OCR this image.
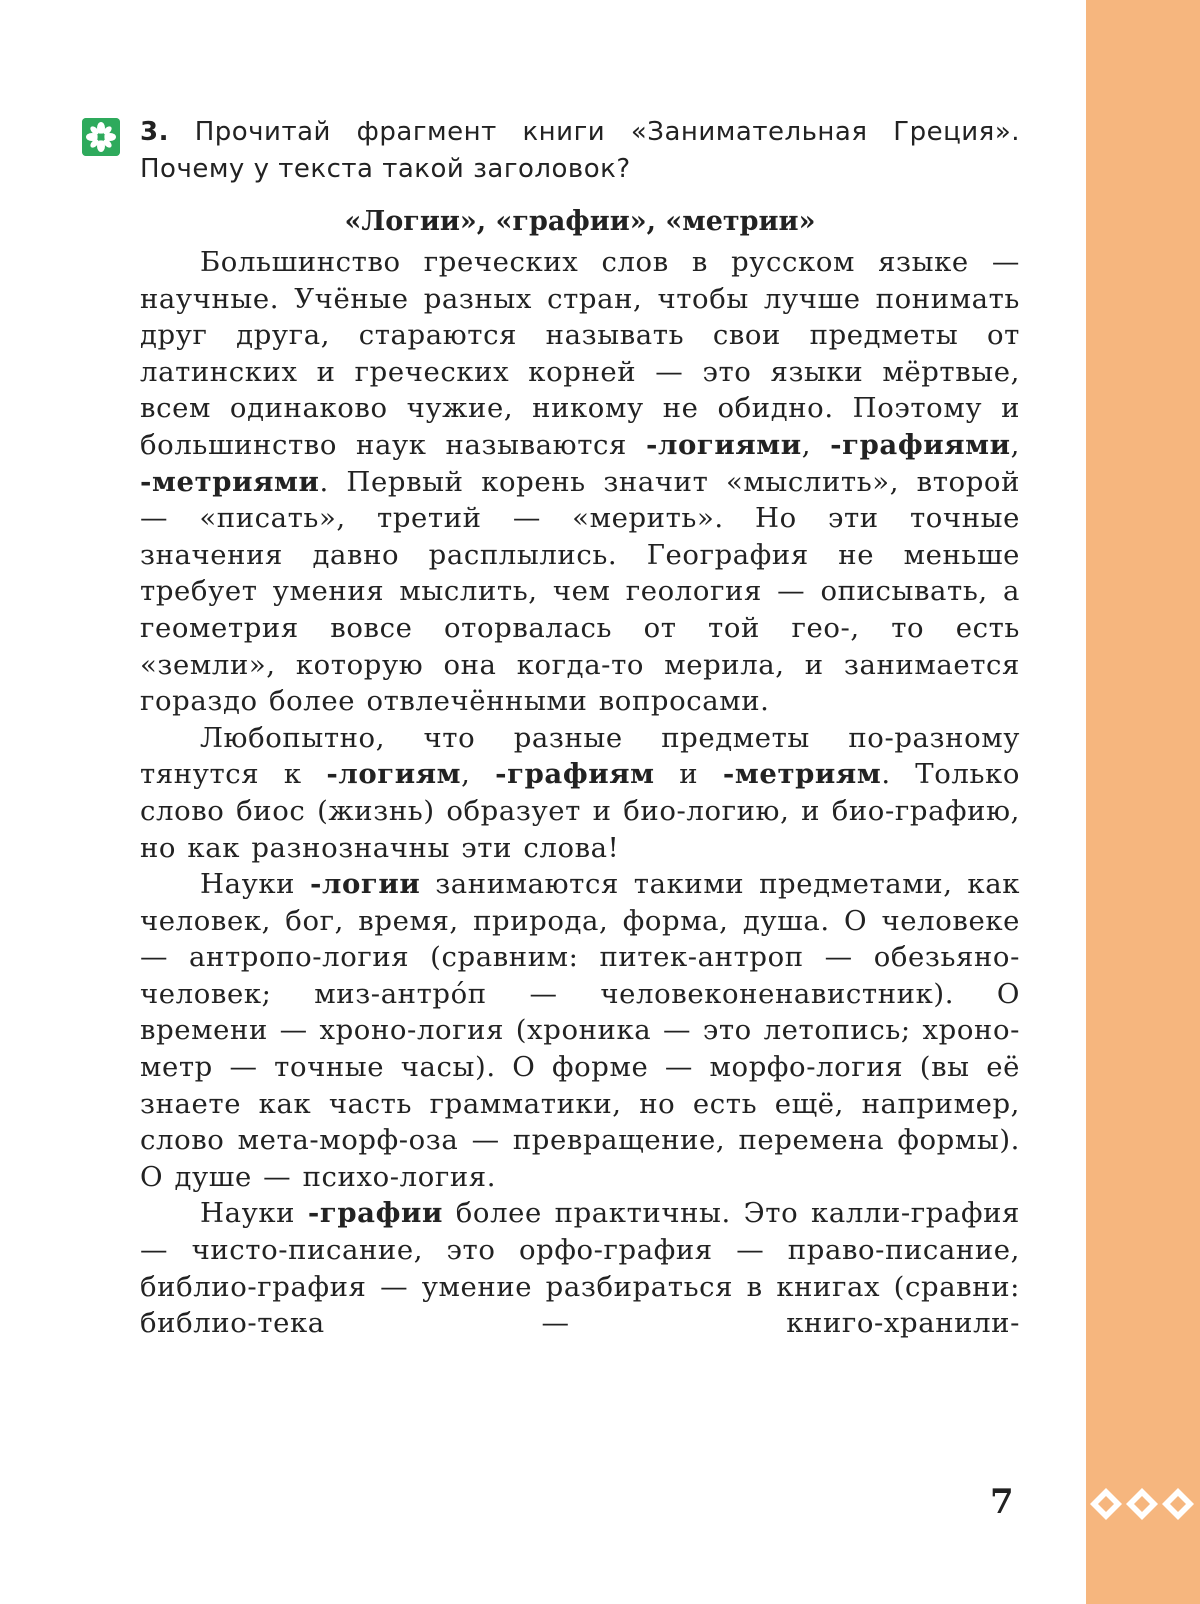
3. Прочитай фрагмент книги «Занимательная Греция». Почему у текста такой заголовок?
«Логии», «графии», «метрии»

Большинство греческих слов в русском языке — научные. Учёные разных стран, чтобы лучше понимать друг друга, стараются называть свои предметы от латинских и греческих корней — это языки мёртвые, всем одинаково чужие, никому не обидно. Поэтому и большинство наук называются -логиями, -графиями, -метриями. Первый корень значит «мыслить», второй — «писать», третий — «мерить». Но эти точные значения давно расплылись. География не меньше требует умения мыслить, чем геология — описывать, а геометрия вовсе оторвалась от той гео-, то есть «земли», которую она когда-то мерила, и занимается гораздо более отвлечёнными вопросами.

Любопытно, что разные предметы по-разному тянутся к -логиям, -графиям и -метриям. Только слово биос (жизнь) образует и био-логию, и био-графию, но как разнозначны эти слова!

Науки -логии занимаются такими предметами, как человек, бог, время, природа, форма, душа. О человеке — антропо-логия (сравним: питек-антроп — обезьяно-человек; миз-антро́п — человеконенавистник). О времени — хроно-логия (хроника — это летопись; хроно-метр — точные часы). О форме — морфо-логия (вы её знаете как часть грамматики, но есть ещё, например, слово мета-морф-оза — превращение, перемена формы). О душе — психо-логия.

Науки -графии более практичны. Это калли-графия — чисто-писание, это орфо-графия — право-писание, библио-графия — умение разбираться в книгах (сравни: библио-тека — книго-хранили-

7
